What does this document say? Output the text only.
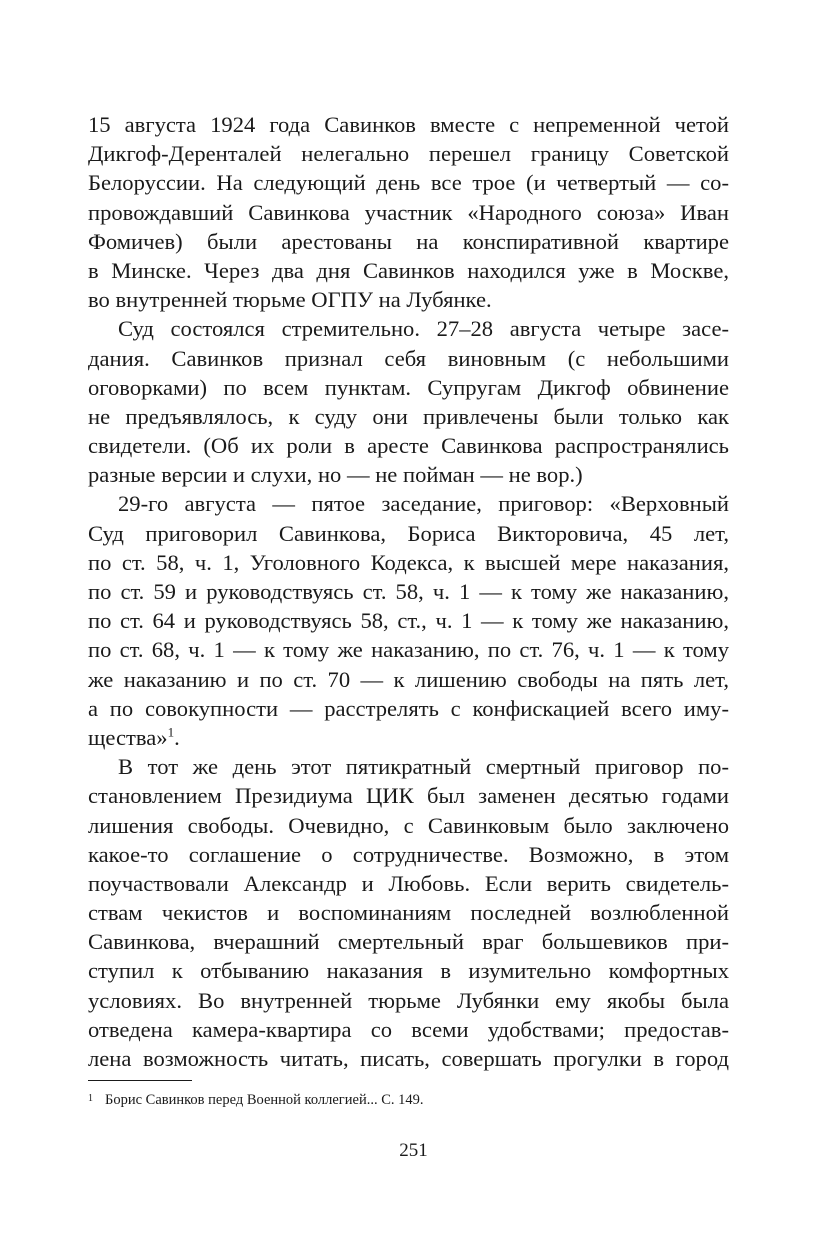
15 августа 1924 года Савинков вместе с непременной четой
Дикгоф-Деренталей нелегально перешел границу Советской
Белоруссии. На следующий день все трое (и четвертый — со-
провождавший Савинкова участник «Народного союза» Иван
Фомичев) были арестованы на конспиративной квартире
в Минске. Через два дня Савинков находился уже в Москве,
во внутренней тюрьме ОГПУ на Лубянке.
Суд состоялся стремительно. 27–28 августа четыре засе-
дания. Савинков признал себя виновным (с небольшими
оговорками) по всем пунктам. Супругам Дикгоф обвинение
не предъявлялось, к суду они привлечены были только как
свидетели. (Об их роли в аресте Савинкова распространялись
разные версии и слухи, но — не пойман — не вор.)
29-го августа — пятое заседание, приговор: «Верховный
Суд приговорил Савинкова, Бориса Викторовича, 45 лет,
по ст. 58, ч. 1, Уголовного Кодекса, к высшей мере наказания,
по ст. 59 и руководствуясь ст. 58, ч. 1 — к тому же наказанию,
по ст. 64 и руководствуясь 58, ст., ч. 1 — к тому же наказанию,
по ст. 68, ч. 1 — к тому же наказанию, по ст. 76, ч. 1 — к тому
же наказанию и по ст. 70 — к лишению свободы на пять лет,
а по совокупности — расстрелять с конфискацией всего иму-
щества»$^1$.
В тот же день этот пятикратный смертный приговор по-
становлением Президиума ЦИК был заменен десятью годами
лишения свободы. Очевидно, с Савинковым было заключено
какое-то соглашение о сотрудничестве. Возможно, в этом
поучаствовали Александр и Любовь. Если верить свидетель-
ствам чекистов и воспоминаниям последней возлюбленной
Савинкова, вчерашний смертельный враг большевиков при-
ступил к отбыванию наказания в изумительно комфортных
условиях. Во внутренней тюрьме Лубянки ему якобы была
отведена камера-квартира со всеми удобствами; предостав-
лена возможность читать, писать, совершать прогулки в город
1 Борис Савинков перед Военной коллегией... С. 149.
251
